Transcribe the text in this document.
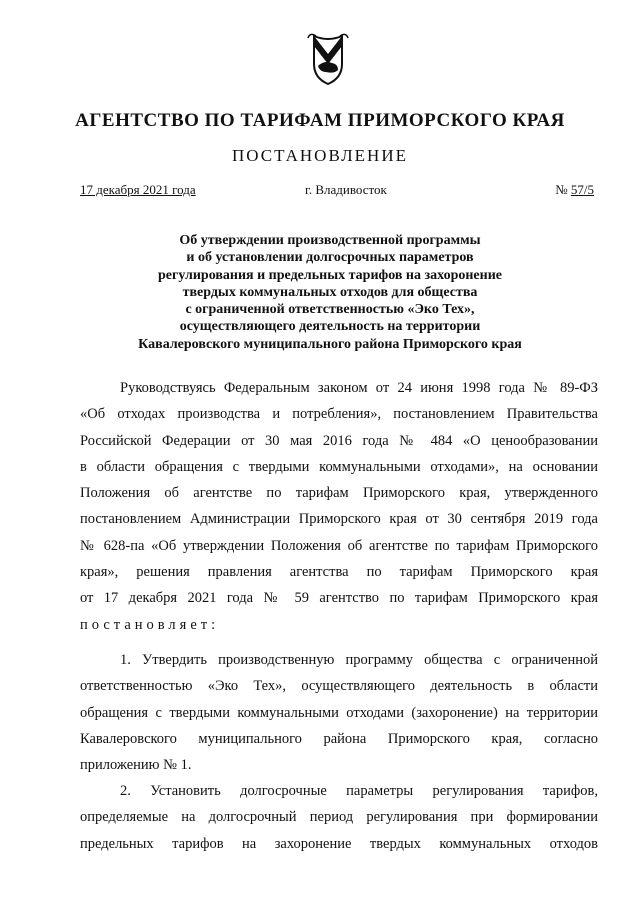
АГЕНТСТВО ПО ТАРИФАМ ПРИМОРСКОГО КРАЯ
ПОСТАНОВЛЕНИЕ
17 декабря 2021 года	г. Владивосток	№ 57/5
Об утверждении производственной программы
и об установлении долгосрочных параметров
регулирования и предельных тарифов на захоронение
твердых коммунальных отходов для общества
с ограниченной ответственностью «Эко Тех»,
осуществляющего деятельность на территории
Кавалеровского муниципального района Приморского края
Руководствуясь Федеральным законом от 24 июня 1998 года № 89-ФЗ
«Об отходах производства и потребления», постановлением Правительства
Российской Федерации от 30 мая 2016 года № 484 «О ценообразовании
в области обращения с твердыми коммунальными отходами», на основании
Положения об агентстве по тарифам Приморского края, утвержденного
постановлением Администрации Приморского края от 30 сентября 2019 года
№ 628-па «Об утверждении Положения об агентстве по тарифам Приморского
края», решения правления агентства по тарифам Приморского края
от 17 декабря 2021 года № 59 агентство по тарифам Приморского края
постановляет:
1. Утвердить производственную программу общества с ограниченной
ответственностью «Эко Тех», осуществляющего деятельность в области
обращения с твердыми коммунальными отходами (захоронение) на территории
Кавалеровского муниципального района Приморского края, согласно
приложению № 1.
2. Установить долгосрочные параметры регулирования тарифов,
определяемые на долгосрочный период регулирования при формировании
предельных тарифов на захоронение твердых коммунальных отходов
